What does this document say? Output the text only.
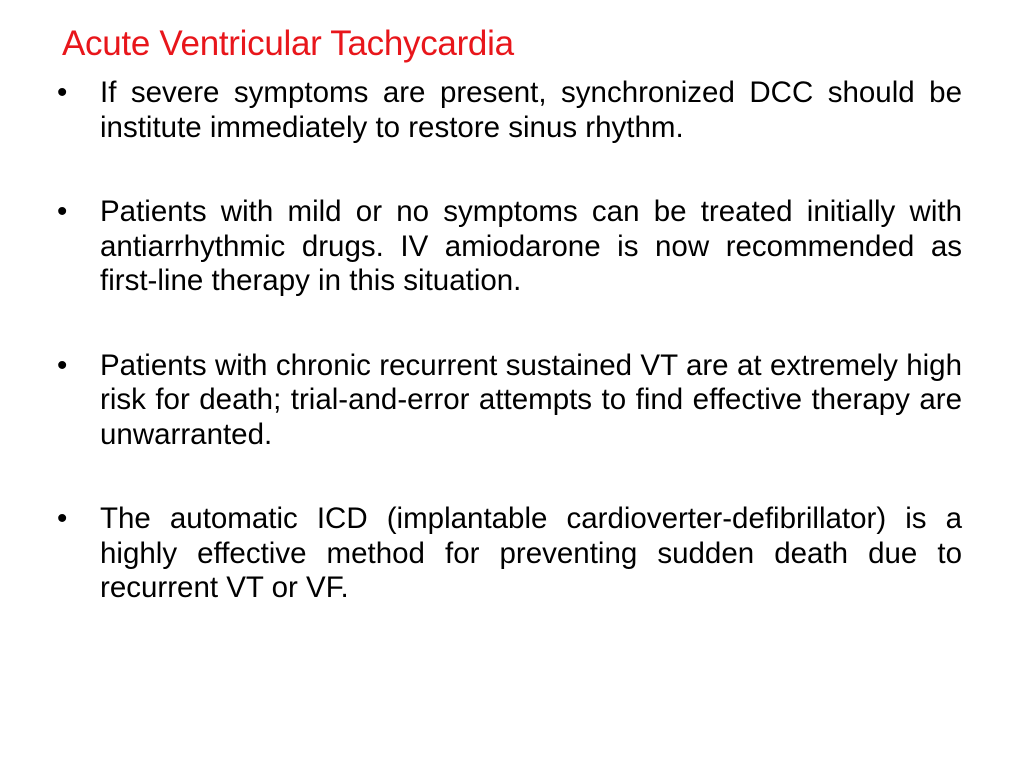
Acute Ventricular Tachycardia
•	If severe symptoms are present, synchronized DCC should be institute immediately to restore sinus rhythm.
•	Patients with mild or no symptoms can be treated initially with antiarrhythmic drugs. IV amiodarone is now recommended as first-line therapy in this situation.
•	Patients with chronic recurrent sustained VT are at extremely high risk for death; trial-and-error attempts to find effective therapy are unwarranted.
•	The automatic ICD (implantable cardioverter-defibrillator) is a highly effective method for preventing sudden death due to recurrent VT or VF.
